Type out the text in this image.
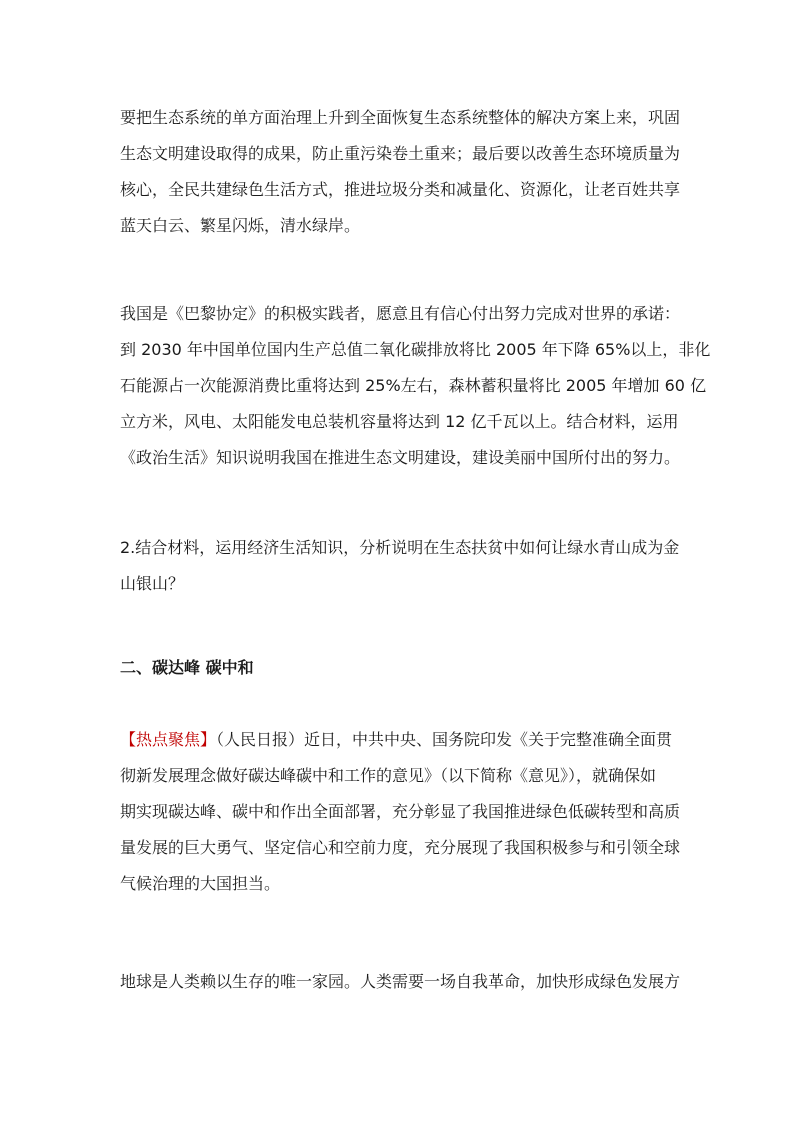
要把生态系统的单方面治理上升到全面恢复生态系统整体的解决方案上来，巩固
生态文明建设取得的成果，防止重污染卷土重来；最后要以改善生态环境质量为
核心，全民共建绿色生活方式，推进垃圾分类和减量化、资源化，让老百姓共享
蓝天白云、繁星闪烁，清水绿岸。
我国是《巴黎协定》的积极实践者，愿意且有信心付出努力完成对世界的承诺：
到 2030 年中国单位国内生产总值二氧化碳排放将比 2005 年下降 65%以上，非化
石能源占一次能源消费比重将达到 25%左右，森林蓄积量将比 2005 年增加 60 亿
立方米，风电、太阳能发电总装机容量将达到 12 亿千瓦以上。结合材料，运用
《政治生活》知识说明我国在推进生态文明建设，建设美丽中国所付出的努力。
2.结合材料，运用经济生活知识，分析说明在生态扶贫中如何让绿水青山成为金
山银山？
二、碳达峰 碳中和
【热点聚焦】（人民日报）近日，中共中央、国务院印发《关于完整准确全面贯
彻新发展理念做好碳达峰碳中和工作的意见》（以下简称《意见》），就确保如
期实现碳达峰、碳中和作出全面部署，充分彰显了我国推进绿色低碳转型和高质
量发展的巨大勇气、坚定信心和空前力度，充分展现了我国积极参与和引领全球
气候治理的大国担当。
地球是人类赖以生存的唯一家园。人类需要一场自我革命，加快形成绿色发展方
